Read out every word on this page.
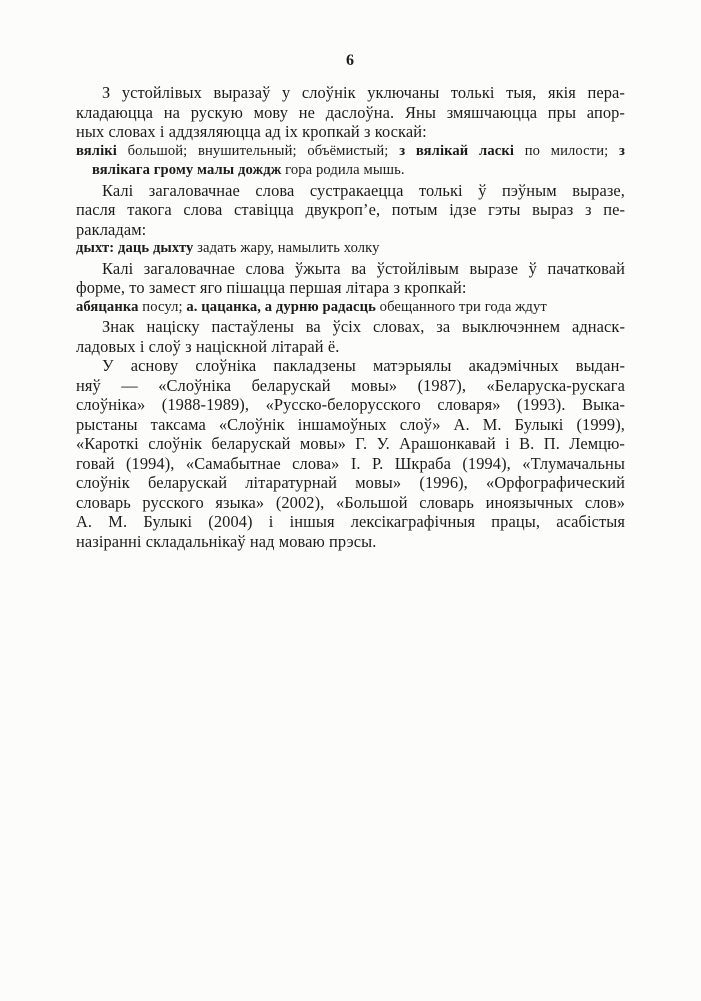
6
З устойлівых выразаў у слоўнік уключаны толькі тыя, якія пера-
кладаюцца на рускую мову не даслоўна. Яны змяшчаюцца пры апор-
ных словах і аддзяляюцца ад іх кропкай з коскай:
вялікі большой; внушительный; объёмистый; з вялікай ласкі по милости; з
вялікага грому малы дождж гора родила мышь.
Калі загаловачнае слова сустракаецца толькі ў пэўным выразе,
пасля такога слова ставіцца двукроп’е, потым ідзе гэты выраз з пе-
ракладам:
дыхт: даць дыхту задать жару, намылить холку
Калі загаловачнае слова ўжыта ва ўстойлівым выразе ў пачатковай
форме, то замест яго пішацца першая літара з кропкай:
абяцанка посул; а. цацанка, а дурню радасць обещанного три года ждут
Знак націску пастаўлены ва ўсіх словах, за выключэннем аднаск-
ладовых і слоў з націскной літарай ё.
У аснову слоўніка пакладзены матэрыялы акадэмічных выдан-
няў — «Слоўніка беларускай мовы» (1987), «Беларуска-рускага
слоўніка» (1988-1989), «Русско-белорусского словаря» (1993). Выка-
рыстаны таксама «Слоўнік іншамоўных слоў» А. М. Булыкі (1999),
«Кароткі слоўнік беларускай мовы» Г. У. Арашонкавай і В. П. Лемцю-
говай (1994), «Самабытнае слова» І. Р. Шкраба (1994), «Тлумачальны
слоўнік беларускай літаратурнай мовы» (1996), «Орфографический
словарь русского языка» (2002), «Большой словарь иноязычных слов»
А. М. Булыкі (2004) і іншыя лексікаграфічныя працы, асабістыя
назіранні складальнікаў над моваю прэсы.
